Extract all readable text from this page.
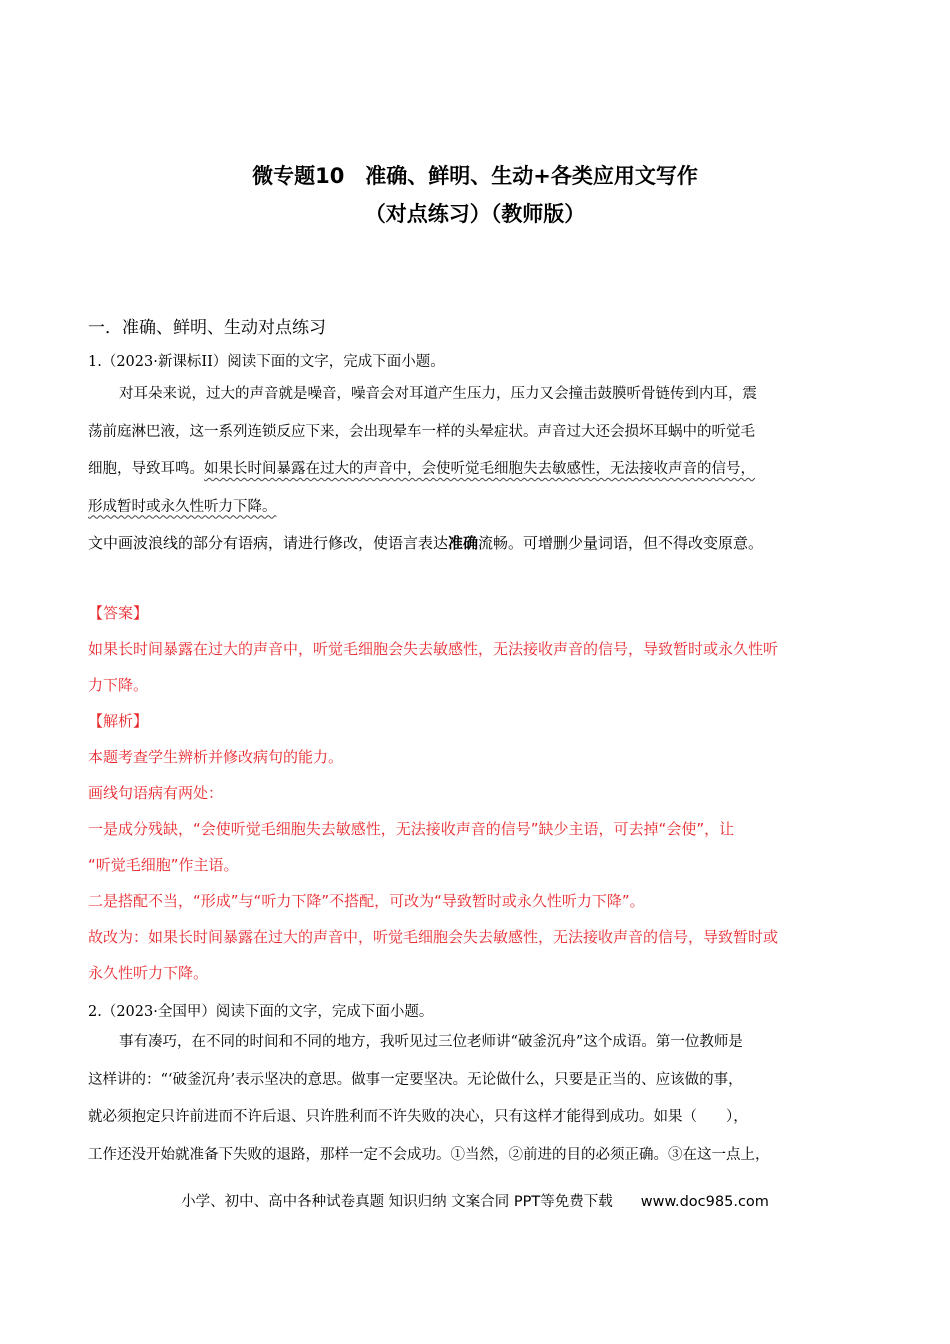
微专题10　准确、鲜明、生动+各类应用文写作
（对点练习）（教师版）
一．准确、鲜明、生动对点练习
1.（2023·新课标II）阅读下面的文字，完成下面小题。
对耳朵来说，过大的声音就是噪音，噪音会对耳道产生压力，压力又会撞击鼓膜听骨链传到内耳，震
荡前庭淋巴液，这一系列连锁反应下来，会出现晕车一样的头晕症状。声音过大还会损坏耳蜗中的听觉毛
细胞，导致耳鸣。如果长时间暴露在过大的声音中，会使听觉毛细胞失去敏感性，无法接收声音的信号，
形成暂时或永久性听力下降。
文中画波浪线的部分有语病，请进行修改，使语言表达准确流畅。可增删少量词语，但不得改变原意。
【答案】
如果长时间暴露在过大的声音中，听觉毛细胞会失去敏感性，无法接收声音的信号，导致暂时或永久性听
力下降。
【解析】
本题考查学生辨析并修改病句的能力。
画线句语病有两处：
一是成分残缺，“会使听觉毛细胞失去敏感性，无法接收声音的信号”缺少主语，可去掉“会使”，让
“听觉毛细胞”作主语。
二是搭配不当，“形成”与“听力下降”不搭配，可改为“导致暂时或永久性听力下降”。
故改为：如果长时间暴露在过大的声音中，听觉毛细胞会失去敏感性，无法接收声音的信号，导致暂时或
永久性听力下降。
2.（2023·全国甲）阅读下面的文字，完成下面小题。
事有凑巧，在不同的时间和不同的地方，我听见过三位老师讲“破釜沉舟”这个成语。第一位教师是
这样讲的：“‘破釜沉舟’表示坚决的意思。做事一定要坚决。无论做什么，只要是正当的、应该做的事，
就必须抱定只许前进而不许后退、只许胜利而不许失败的决心，只有这样才能得到成功。如果（　　），
工作还没开始就准备下失败的退路，那样一定不会成功。①当然，②前进的目的必须正确。③在这一点上，
小学、初中、高中各种试卷真题 知识归纳 文案合同 PPT等免费下载 www.doc985.com
